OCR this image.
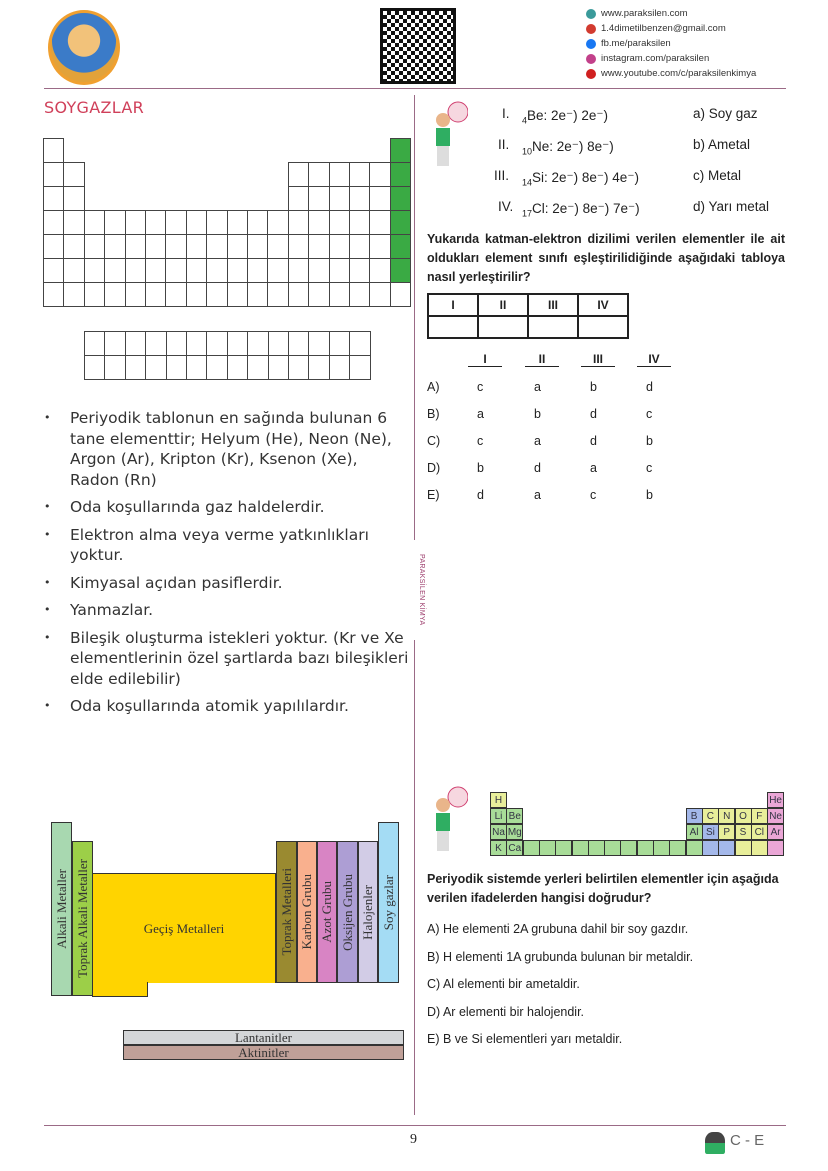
www.paraksilen.com
1.4dimetilbenzen@gmail.com
fb.me/paraksilen
instagram.com/paraksilen
www.youtube.com/c/paraksilenkimya
PARAKSİLEN KİMYA
SOYGAZLAR
• Periyodik tablonun en sağında bulunan 6 tane elementtir; Helyum (He), Neon (Ne), Argon (Ar), Kripton (Kr), Ksenon (Xe), Radon (Rn)
• Oda koşullarında gaz haldelerdir.
• Elektron alma veya verme yatkınlıkları yoktur.
• Kimyasal açıdan pasiflerdir.
• Yanmazlar.
• Bileşik oluşturma istekleri yoktur. (Kr ve Xe elementlerinin özel şartlarda bazı bileşikleri elde edilebilir)
• Oda koşullarında atomik yapılılardır.
Alkali Metaller Toprak Alkali Metaller	Geçiş Metalleri	Toprak Metalleri Karbon Grubu Azot Grubu Oksijen Grubu Halojenler Soy gazlar
Lantanitler
Aktinitler
I. $_4$Be: 2e⁻) 2e⁻)	a) Soy gaz
II. $_{10}$Ne: 2e⁻) 8e⁻)	b) Ametal
III. $_{14}$Si: 2e⁻) 8e⁻) 4e⁻)	c) Metal
IV. $_{17}$Cl: 2e⁻) 8e⁻) 7e⁻)	d) Yarı metal
Yukarıda katman-elektron dizilimi verilen elementler ile ait oldukları element sınıfı eşleştirilidiğinde aşağıdaki tabloya nasıl yerleştirilir?
I	II	III	IV

I	II	III	IV
A)	c	a	b	d
B)	a	b	d	c
C)	c	a	d	b
D)	b	d	a	c
E)	d	a	c	b
H	He
Li Be	B C N O F Ne
Na Mg	Al Si P S Cl Ar
K Ca
Periyodik sistemde yerleri belirtilen elementler için aşağıda verilen ifadelerden hangisi doğrudur?
A) He elementi 2A grubuna dahil bir soy gazdır.
B) H elementi 1A grubunda bulunan bir metaldir.
C) Al elementi bir ametaldir.
D) Ar elementi bir halojendir.
E) B ve Si elementleri yarı metaldir.
9	C - E
